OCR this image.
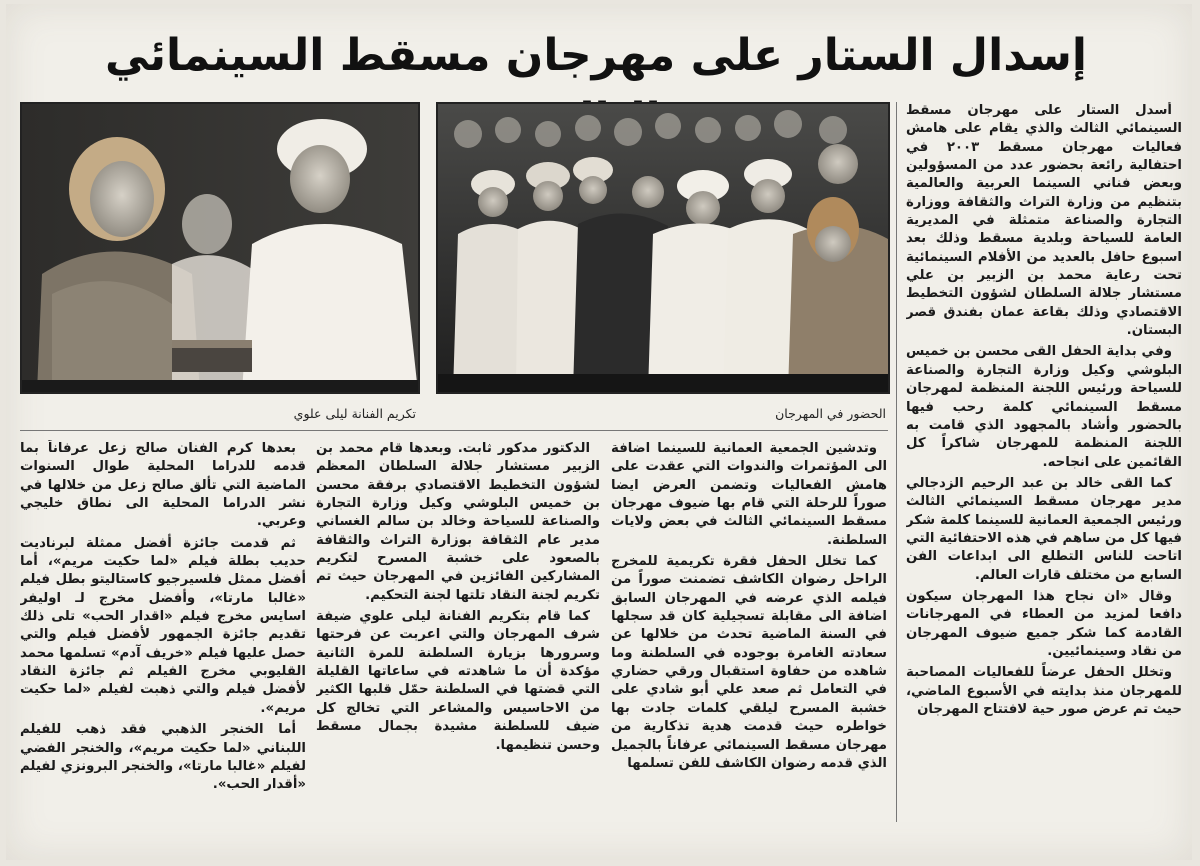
إسدال الستار على مهرجان مسقط السينمائي
الحضور في المهرجان
تكريم الفنانة ليلى علوي

أسدل الستار على مهرجان مسقط السينمائي الثالث والذي يقام على هامش فعاليات مهرجان مسقط ٢٠٠٣ في احتفالية رائعة بحضور عدد من المسؤولين وبعض فناني السينما العربية والعالمية بتنظيم من وزارة التراث والثقافة ووزارة التجارة والصناعة متمثلة في المديرية العامة للسياحة وبلدية مسقط وذلك بعد اسبوع حافل بالعديد من الأفلام السينمائية تحت رعاية محمد بن الزبير بن علي مستشار جلالة السلطان لشؤون التخطيط الاقتصادي وذلك بقاعة عمان بفندق قصر البستان.

وفي بداية الحفل القى محسن بن خميس البلوشي وكيل وزارة التجارة والصناعة للسياحة ورئيس اللجنة المنظمة لمهرجان مسقط السينمائي كلمة رحب فيها بالحضور وأشاد بالمجهود الذي قامت به اللجنة المنظمة للمهرجان شاكراً كل القائمين على انجاحه.

كما القى خالد بن عبد الرحيم الزدجالي مدير مهرجان مسقط السينمائي الثالث ورئيس الجمعية العمانية للسينما كلمة شكر فيها كل من ساهم في هذه الاحتفائية التي اتاحت للناس التطلع الى ابداعات الفن السابع من مختلف قارات العالم.

وقال «ان نجاح هذا المهرجان سيكون دافعا لمزيد من العطاء في المهرجانات القادمة كما شكر جميع ضيوف المهرجان من نقاد وسينمائيين.

وتخلل الحفل عرضاً للفعاليات المصاحبة للمهرجان منذ بدايته في الأسبوع الماضي، حيث تم عرض صور حية لافتتاح المهرجان

وتدشين الجمعية العمانية للسينما اضافة الى المؤتمرات والندوات التي عقدت على هامش الفعاليات وتضمن العرض ايضا صوراً للرحلة التي قام بها ضيوف مهرجان مسقط السينمائي الثالث في بعض ولايات السلطنة.

كما تخلل الحفل فقرة تكريمية للمخرج الراحل رضوان الكاشف تضمنت صوراً من فيلمه الذي عرضه في المهرجان السابق اضافة الى مقابلة تسجيلية كان قد سجلها في السنة الماضية تحدث من خلالها عن سعادته الغامرة بوجوده في السلطنة وما شاهده من حفاوة استقبال ورقي حضاري في التعامل ثم صعد علي أبو شادي على خشبة المسرح ليلقي كلمات جادت بها خواطره حيث قدمت هدية تذكارية من مهرجان مسقط السينمائي عرفاناً بالجميل الذي قدمه رضوان الكاشف للفن تسلمها

الدكتور مدكور ثابت. وبعدها قام محمد بن الزبير مستشار جلالة السلطان المعظم لشؤون التخطيط الاقتصادي برفقة محسن بن خميس البلوشي وكيل وزارة التجارة والصناعة للسياحة وخالد بن سالم الغساني مدير عام الثقافة بوزارة التراث والثقافة بالصعود على خشبة المسرح لتكريم المشاركين الفائزين في المهرجان حيث تم تكريم لجنة النقاد تلتها لجنة التحكيم.

كما قام بتكريم الفنانة ليلى علوي ضيفة شرف المهرجان والتي اعربت عن فرحتها وسرورها بزيارة السلطنة للمرة الثانية مؤكدة أن ما شاهدته في ساعاتها القليلة التي قضتها في السلطنة حمّل قلبها الكثير من الاحاسيس والمشاعر التي تخالج كل ضيف للسلطنة مشيدة بجمال مسقط وحسن تنظيمها.

بعدها كرم الفنان صالح زعل عرفاناً بما قدمه للدراما المحلية طوال السنوات الماضية التي تألق صالح زعل من خلالها في نشر الدراما المحلية الى نطاق خليجي وعربي.

ثم قدمت جائزة أفضل ممثلة لبرناديت حديب بطلة فيلم «لما حكيت مريم»، أما أفضل ممثل فلسيرجيو كاستاليتو بطل فيلم «غالبا مارتا»، وأفضل مخرج لـ اوليفر اسايس مخرج فيلم «اقدار الحب» تلى ذلك تقديم جائزة الجمهور لأفضل فيلم والتي حصل عليها فيلم «خريف آدم» تسلمها محمد القليوبي مخرج الفيلم ثم جائزة النقاد لأفضل فيلم والتي ذهبت لفيلم «لما حكيت مريم».

أما الخنجر الذهبي فقد ذهب للفيلم اللبناني «لما حكيت مريم»، والخنجر الفضي لفيلم «غالبا مارتا»، والخنجر البرونزي لفيلم «أقدار الحب».
